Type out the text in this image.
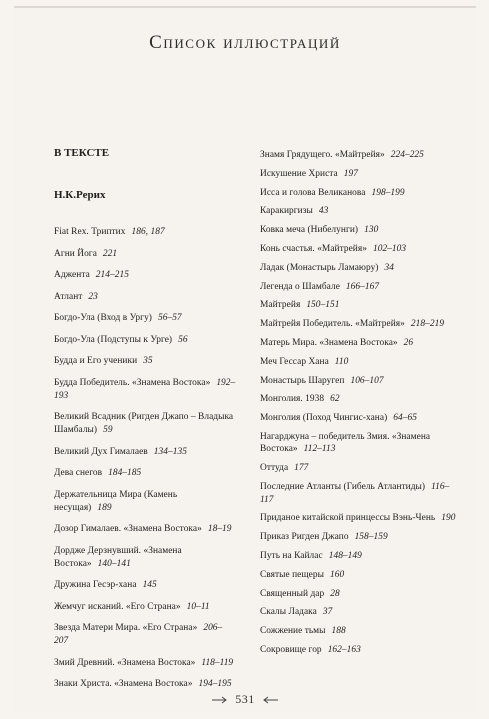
Список иллюстраций
В ТЕКСТЕ
Н.К.Рерих
Fiat Rex. Триптих 186, 187
Агни Йога 221
Аджента 214–215
Атлант 23
Богдо-Ула (Вход в Ургу) 56–57
Богдо-Ула (Подступы к Урге) 56
Будда и Его ученики 35
Будда Победитель. «Знамена Востока» 192–193
Великий Всадник (Ригден Джапо – Владыка Шамбалы) 59
Великий Дух Гималаев 134–135
Дева снегов 184–185
Держательница Мира (Камень несущая) 189
Дозор Гималаев. «Знамена Востока» 18–19
Дордже Дерзнувший. «Знамена Востока» 140–141
Дружина Гесэр-хана 145
Жемчуг исканий. «Его Страна» 10–11
Звезда Матери Мира. «Его Страна» 206–207
Змий Древний. «Знамена Востока» 118–119
Знаки Христа. «Знамена Востока» 194–195
Знамя Грядущего. «Майтрейя» 224–225
Искушение Христа 197
Исса и голова Великанова 198–199
Каракиргизы 43
Ковка меча (Нибелунги) 130
Конь счастья. «Майтрейя» 102–103
Ладак (Монастырь Ламаюру) 34
Легенда о Шамбале 166–167
Майтрейя 150–151
Майтрейя Победитель. «Майтрейя» 218–219
Матерь Мира. «Знамена Востока» 26
Меч Гессар Хана 110
Монастырь Шаругеп 106–107
Монголия. 1938 62
Монголия (Поход Чингис-хана) 64–65
Нагарджуна – победитель Змия. «Знамена Востока» 112–113
Оттуда 177
Последние Атланты (Гибель Атлантиды) 116–117
Приданое китайской принцессы Вэнь-Чень 190
Приказ Ригден Джапо 158–159
Путь на Кайлас 148–149
Святые пещеры 160
Священный дар 28
Скалы Ладака 37
Сожжение тьмы 188
Сокровище гор 162–163
531
